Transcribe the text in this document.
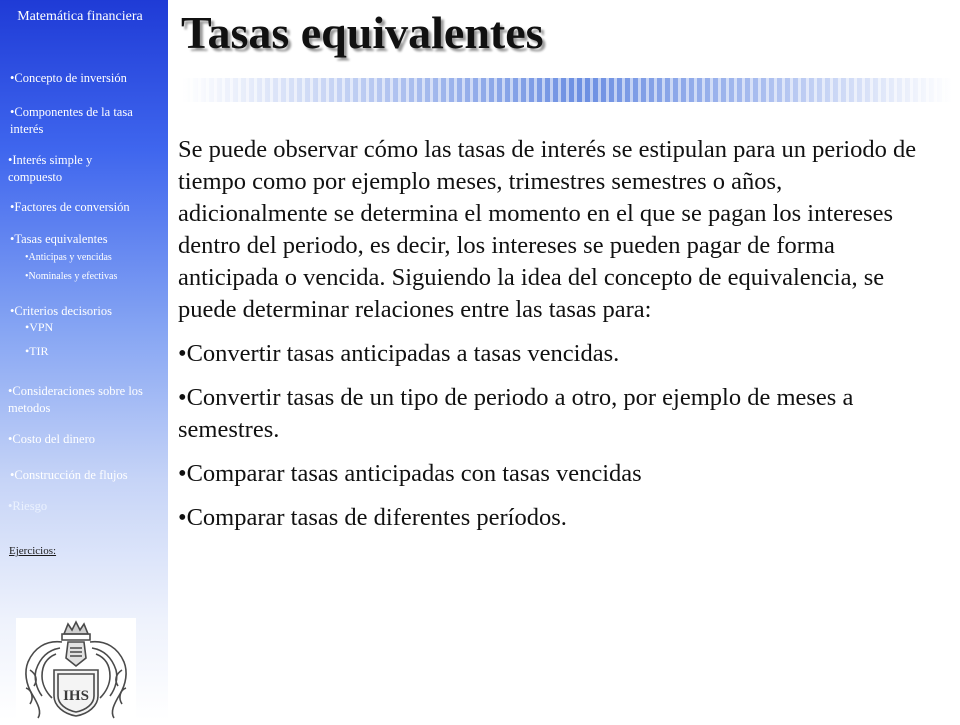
Matemática financiera
•Concepto de inversión
•Componentes de la tasa interés
•Interés simple y compuesto
•Factores de conversión
•Tasas equivalentes
•Anticipas y vencidas
•Nominales y efectivas
•Criterios decisorios
•VPN
•TIR
•Consideraciones sobre los metodos
•Costo del dinero
•Construcción de flujos
•Riesgo
Ejercicios:
IHS
Tasas equivalentes

Se puede observar cómo las tasas de interés se estipulan para un periodo de tiempo como por ejemplo meses, trimestres semestres o años, adicionalmente se determina el momento en el que se pagan los intereses dentro del periodo, es decir, los intereses se pueden pagar de forma anticipada o vencida. Siguiendo la idea del concepto de equivalencia, se puede determinar relaciones entre las tasas para:

•Convertir tasas anticipadas a tasas vencidas.

•Convertir tasas de un tipo de periodo a otro, por ejemplo de meses a semestres.

•Comparar tasas anticipadas con tasas vencidas

•Comparar tasas de diferentes períodos.
